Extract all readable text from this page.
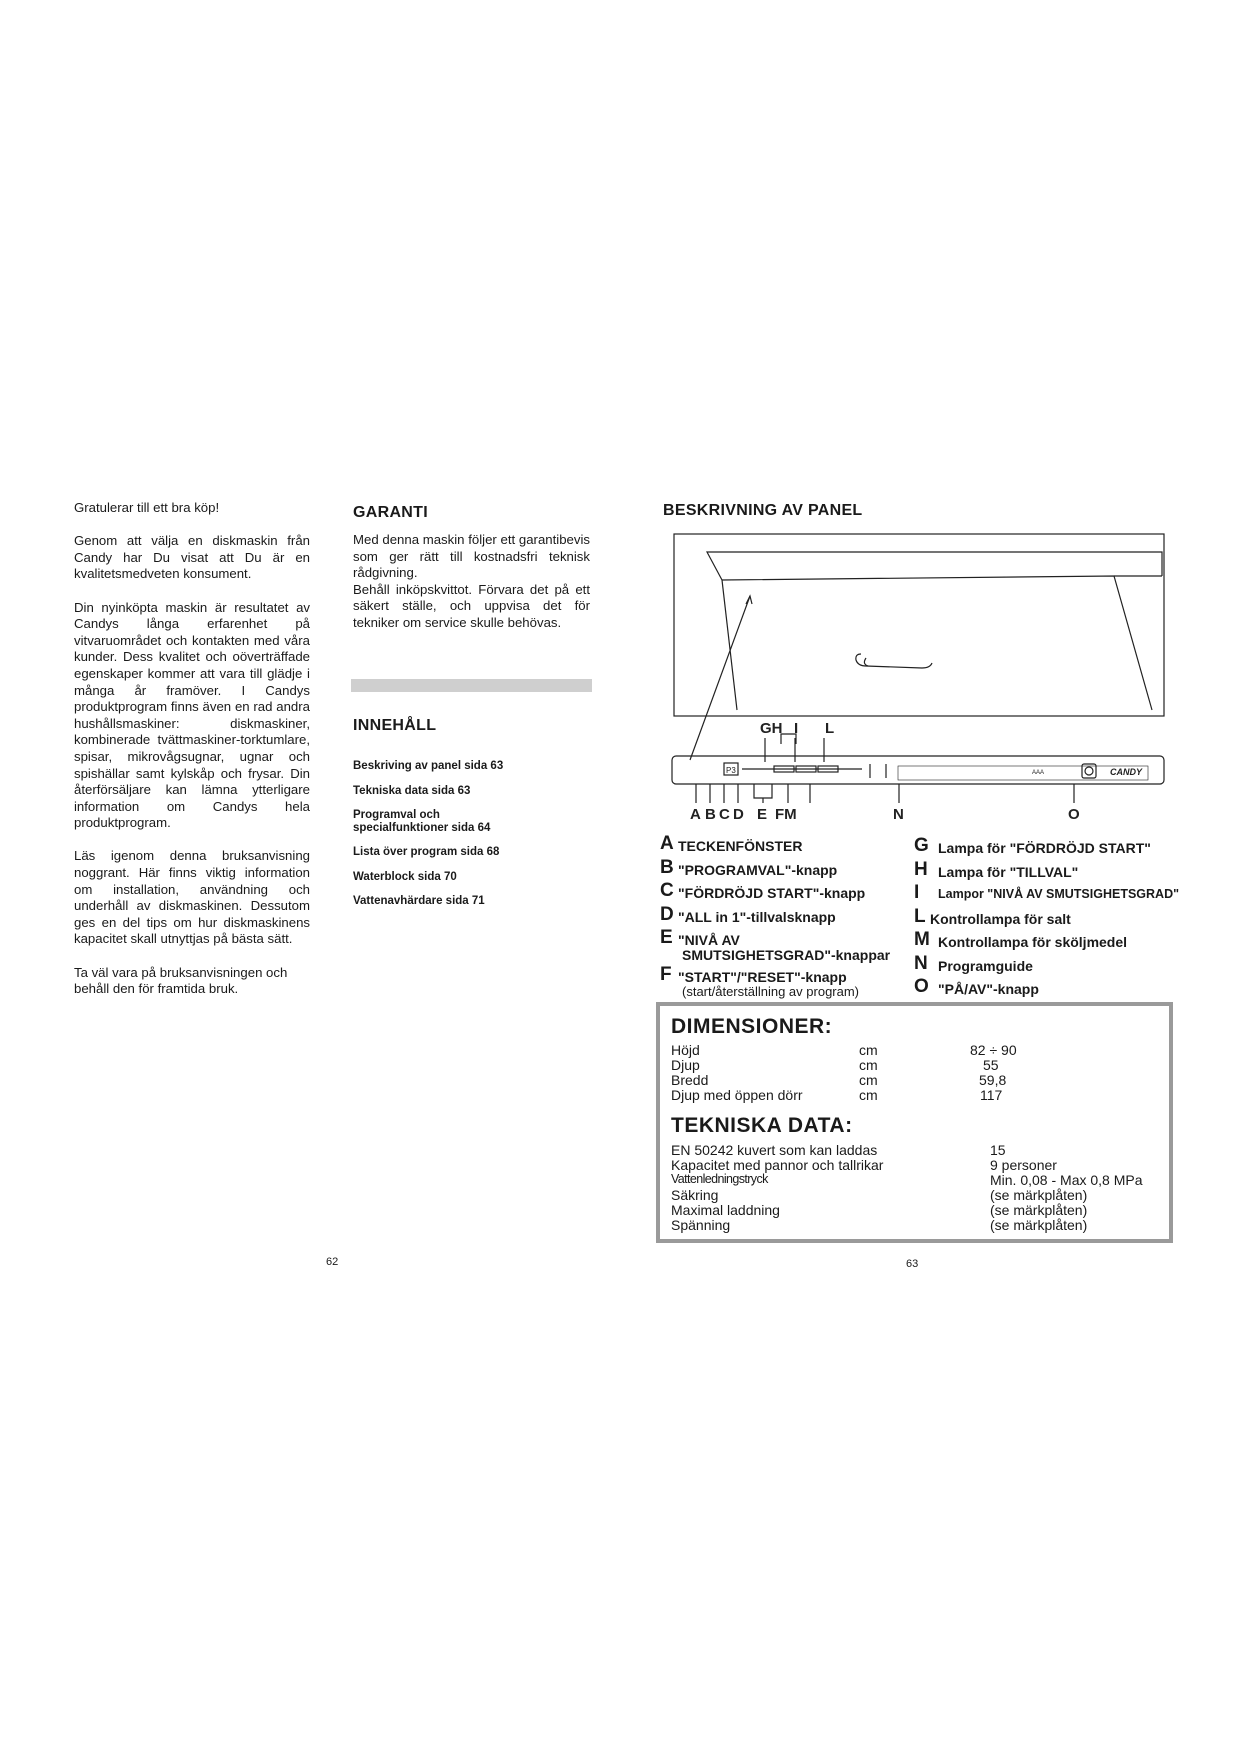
Gratulerar till ett bra köp!

Genom att välja en diskmaskin från Candy har Du visat att Du är en kvalitetsmedveten konsument.

Din nyinköpta maskin är resultatet av Candys långa erfarenhet på vitvaruområdet och kontakten med våra kunder. Dess kvalitet och oöverträffade egenskaper kommer att vara till glädje i många år framöver. I Candys produktprogram finns även en rad andra hushållsmaskiner: diskmaskiner, kombinerade tvättmaskiner-torktumlare, spisar, mikrovågsugnar, ugnar och spishällar samt kylskåp och frysar. Din återförsäljare kan lämna ytterligare information om Candys hela produktprogram.

Läs igenom denna bruksanvisning noggrant. Här finns viktig information om installation, användning och underhåll av diskmaskinen. Dessutom ges en del tips om hur diskmaskinens kapacitet skall utnyttjas på bästa sätt.

Ta väl vara på bruksanvisningen och behåll den för framtida bruk.

62
GARANTI
Med denna maskin följer ett garantibevis som ger rätt till kostnadsfri teknisk rådgivning.
Behåll inköpskvittot. Förvara det på ett säkert ställe, och uppvisa det för tekniker om service skulle behövas.
INNEHÅLL
Beskriving av panel sida 63
Tekniska data sida 63
Programval och specialfunktioner sida 64
Lista över program sida 68
Waterblock sida 70
Vattenavhärdare sida 71
BESKRIVNING AV PANEL
GH I L
P3	AAA	CANDY
A B C D E FM	N	O
A TECKENFÖNSTER
B "PROGRAMVAL"-knapp
C "FÖRDRÖJD START"-knapp
D "ALL in 1"-tillvalsknapp
E "NIVÅ AV
SMUTSIGHETSGRAD"-knappar
F "START"/"RESET"-knapp
(start/återställning av program)
G Lampa för "FÖRDRÖJD START"
H Lampa för "TILLVAL"
I Lampor "NIVÅ AV SMUTSIGHETSGRAD"
L Kontrollampa för salt
M Kontrollampa för sköljmedel
N Programguide
O "PÅ/AV"-knapp
DIMENSIONER:
Höjd	cm	82 ÷ 90
Djup	cm	55
Bredd	cm	59,8
Djup med öppen dörr	cm	117
TEKNISKA DATA:
EN 50242 kuvert som kan laddas	15
Kapacitet med pannor och tallrikar	9 personer
Vattenledningstryck	Min. 0,08 - Max 0,8 MPa
Säkring	(se märkplåten)
Maximal laddning	(se märkplåten)
Spänning	(se märkplåten)
63
